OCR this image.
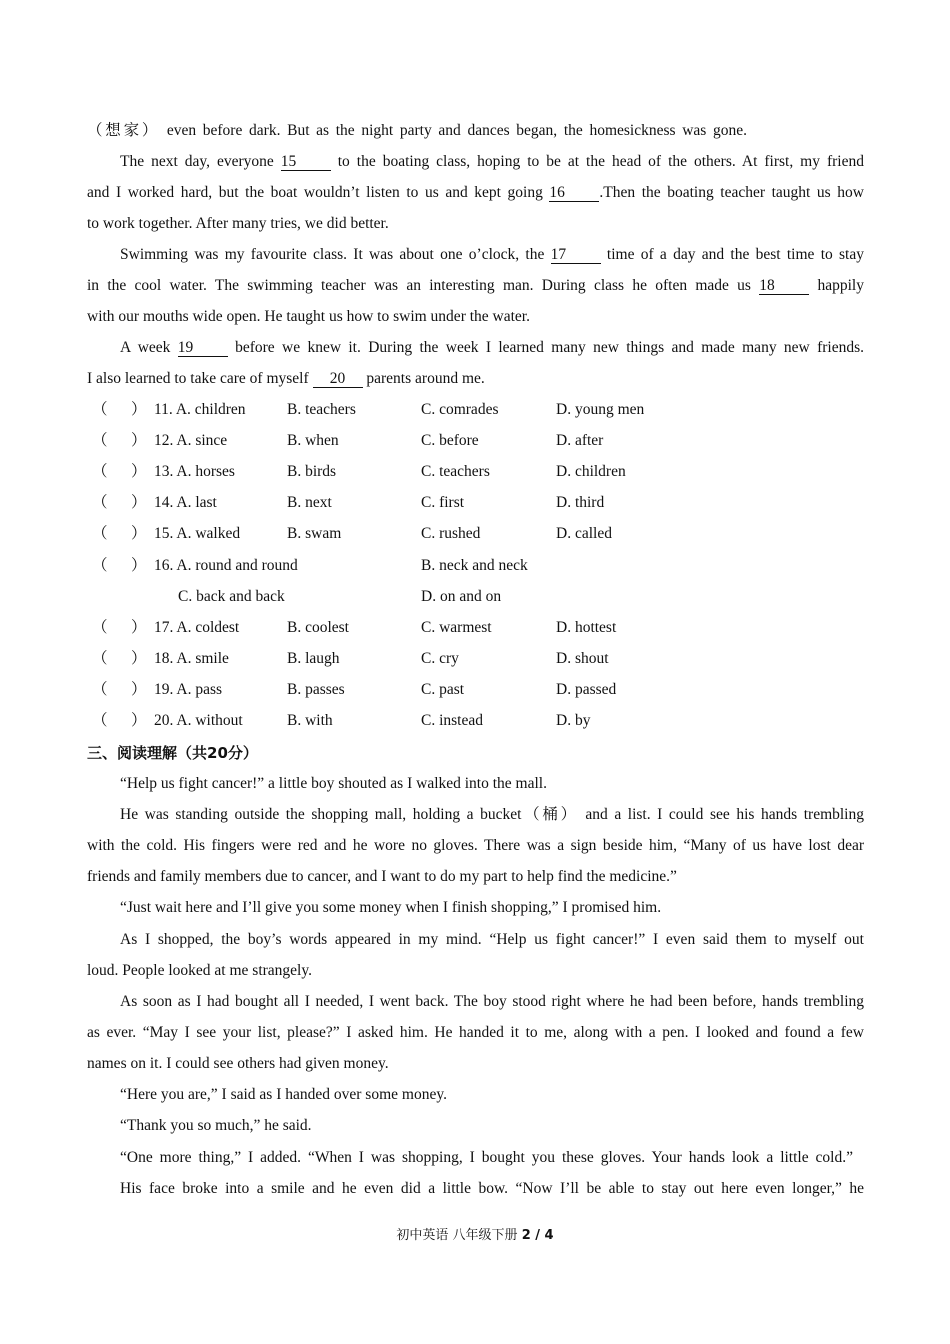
（想家） even before dark. But as the night party and dances began, the homesickness was gone.
The next day, everyone 15 to the boating class, hoping to be at the head of the others. At first, my friend
and I worked hard, but the boat wouldn’t listen to us and kept going 16 .Then the boating teacher taught us how
to work together. After many tries, we did better.
Swimming was my favourite class. It was about one o’clock, the 17 time of a day and the best time to stay
in the cool water. The swimming teacher was an interesting man. During class he often made us 18 happily
with our mouths wide open. He taught us how to swim under the water.
A week 19 before we knew it. During the week I learned many new things and made many new friends.
I also learned to take care of myself 20 parents around me.
（ ） 11. A. children	B. teachers	C. comrades	D. young men
（ ） 12. A. since	B. when	C. before	D. after
（ ） 13. A. horses	B. birds	C. teachers	D. children
（ ） 14. A. last	B. next	C. first	D. third
（ ） 15. A. walked	B. swam	C. rushed	D. called
（ ） 16. A. round and round	B. neck and neck
C. back and back	D. on and on
（ ） 17. A. coldest	B. coolest	C. warmest	D. hottest
（ ） 18. A. smile	B. laugh	C. cry	D. shout
（ ） 19. A. pass	B. passes	C. past	D. passed
（ ） 20. A. without	B. with	C. instead	D. by
三、阅读理解（共20分）
“Help us fight cancer!” a little boy shouted as I walked into the mall.
He was standing outside the shopping mall, holding a bucket（桶） and a list. I could see his hands trembling
with the cold. His fingers were red and he wore no gloves. There was a sign beside him, “Many of us have lost dear
friends and family members due to cancer, and I want to do my part to help find the medicine.”
“Just wait here and I’ll give you some money when I finish shopping,” I promised him.
As I shopped, the boy’s words appeared in my mind. “Help us fight cancer!” I even said them to myself out
loud. People looked at me strangely.
As soon as I had bought all I needed, I went back. The boy stood right where he had been before, hands trembling
as ever. “May I see your list, please?” I asked him. He handed it to me, along with a pen. I looked and found a few
names on it. I could see others had given money.
“Here you are,” I said as I handed over some money.
“Thank you so much,” he said.
“One more thing,” I added. “When I was shopping, I bought you these gloves. Your hands look a little cold.”
His face broke into a smile and he even did a little bow. “Now I’ll be able to stay out here even longer,” he
初中英语 八年级下册 2 / 4
